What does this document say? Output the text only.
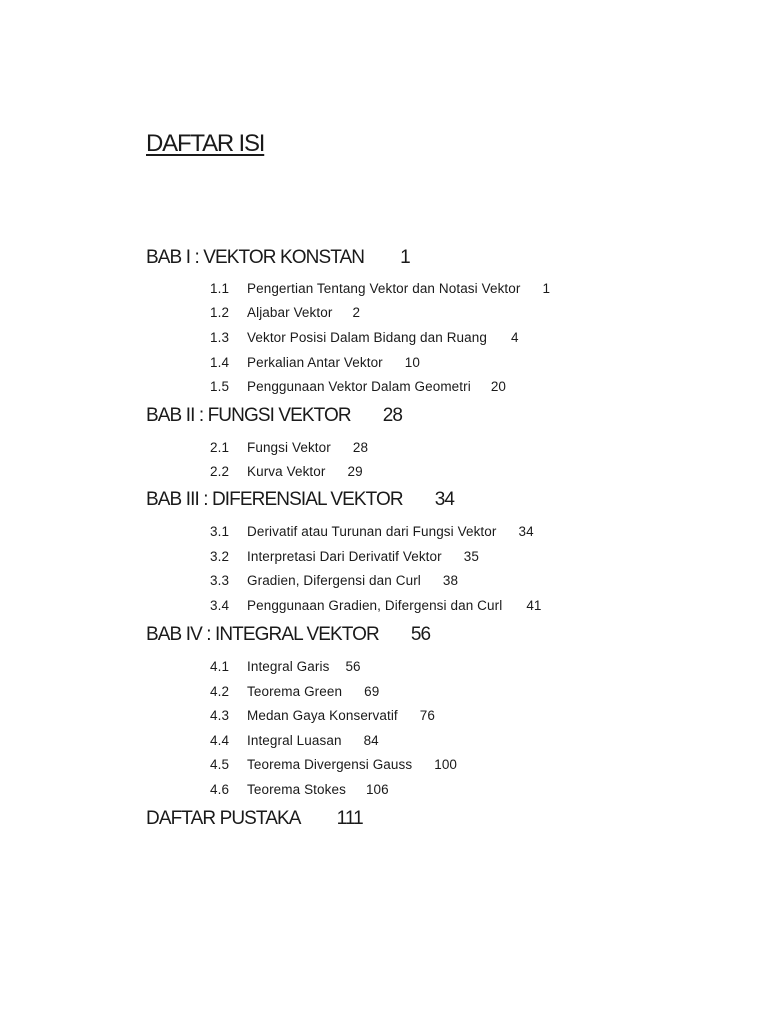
DAFTAR ISI
BAB I : VEKTOR KONSTAN 1
1.1 Pengertian Tentang Vektor dan Notasi Vektor 1
1.2 Aljabar Vektor 2
1.3 Vektor Posisi Dalam Bidang dan Ruang 4
1.4 Perkalian Antar Vektor 10
1.5 Penggunaan Vektor Dalam Geometri 20
BAB II : FUNGSI VEKTOR 28
2.1 Fungsi Vektor 28
2.2 Kurva Vektor 29
BAB III : DIFERENSIAL VEKTOR 34
3.1 Derivatif atau Turunan dari Fungsi Vektor 34
3.2 Interpretasi Dari Derivatif Vektor 35
3.3 Gradien, Difergensi dan Curl 38
3.4 Penggunaan Gradien, Difergensi dan Curl 41
BAB IV : INTEGRAL VEKTOR 56
4.1 Integral Garis 56
4.2 Teorema Green 69
4.3 Medan Gaya Konservatif 76
4.4 Integral Luasan 84
4.5 Teorema Divergensi Gauss 100
4.6 Teorema Stokes 106
DAFTAR PUSTAKA 111
